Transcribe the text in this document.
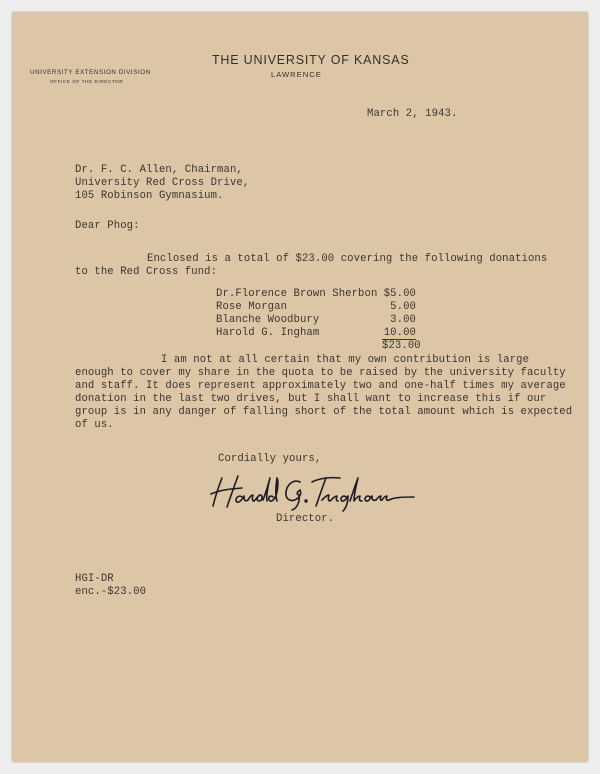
THE UNIVERSITY OF KANSAS
LAWRENCE
UNIVERSITY EXTENSION DIVISION
OFFICE OF THE DIRECTOR
March 2, 1943.
Dr. F. C. Allen, Chairman,
University Red Cross Drive,
105 Robinson Gymnasium.
Dear Phog:
Enclosed is a total of $23.00 covering the following donations
to the Red Cross fund:
Dr.Florence Brown Sherbon $5.00
Rose Morgan	5.00
Blanche Woodbury	3.00
Harold G. Ingham	10.00
$23.00
I am not at all certain that my own contribution is large
enough to cover my share in the quota to be raised by the university faculty
and staff. It does represent approximately two and one-half times my average
donation in the last two drives, but I shall want to increase this if our
group is in any danger of falling short of the total amount which is expected
of us.
Cordially yours,
Director.
HGI-DR
enc.-$23.00
